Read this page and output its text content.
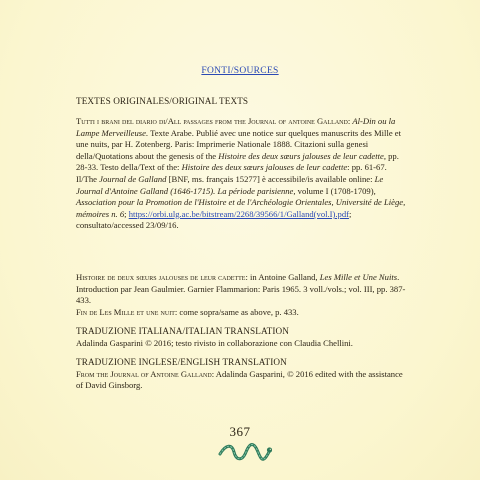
FONTI/SOURCES

TEXTES ORIGINALES/ORIGINAL TEXTS

Tutti i brani del diario di/All passages from the Journal of antoine Galland: Al-Din ou la Lampe Merveilleuse. Texte Arabe. Publié avec une notice sur quelques manuscrits des Mille et une nuits, par H. Zotenberg. Paris: Imprimerie Nationale 1888. Citazioni sulla genesi della/Quotations about the genesis of the Histoire des deux sœurs jalouses de leur cadette, pp. 28-33. Testo della/Text of the: Histoire des deux sœurs jalouses de leur cadette: pp. 61-67. Il/The Journal de Galland [BNF, ms. français 15277] è accessibile/is available online: Le Journal d'Antoine Galland (1646-1715). La période parisienne, volume I (1708-1709), Association pour la Promotion de l'Histoire et de l'Archéologie Orientales, Université de Liège, mémoires n. 6; https://orbi.ulg.ac.be/bitstream/2268/39566/1/Galland(vol.I).pdf; consultato/accessed 23/09/16.

Histoire de deux sœurs jalouses de leur cadette: in Antoine Galland, Les Mille et Une Nuits. Introduction par Jean Gaulmier. Garnier Flammarion: Paris 1965. 3 voll./vols.; vol. III, pp. 387-433.

Fin de Les Mille et une nuit: come sopra/same as above, p. 433.

TRADUZIONE ITALIANA/ITALIAN TRANSLATION

Adalinda Gasparini © 2016; testo rivisto in collaborazione con Claudia Chellini.

TRADUZIONE INGLESE/ENGLISH TRANSLATION

From the Journal of Antoine Galland: Adalinda Gasparini, © 2016 edited with the assistance of David Ginsborg.

367
